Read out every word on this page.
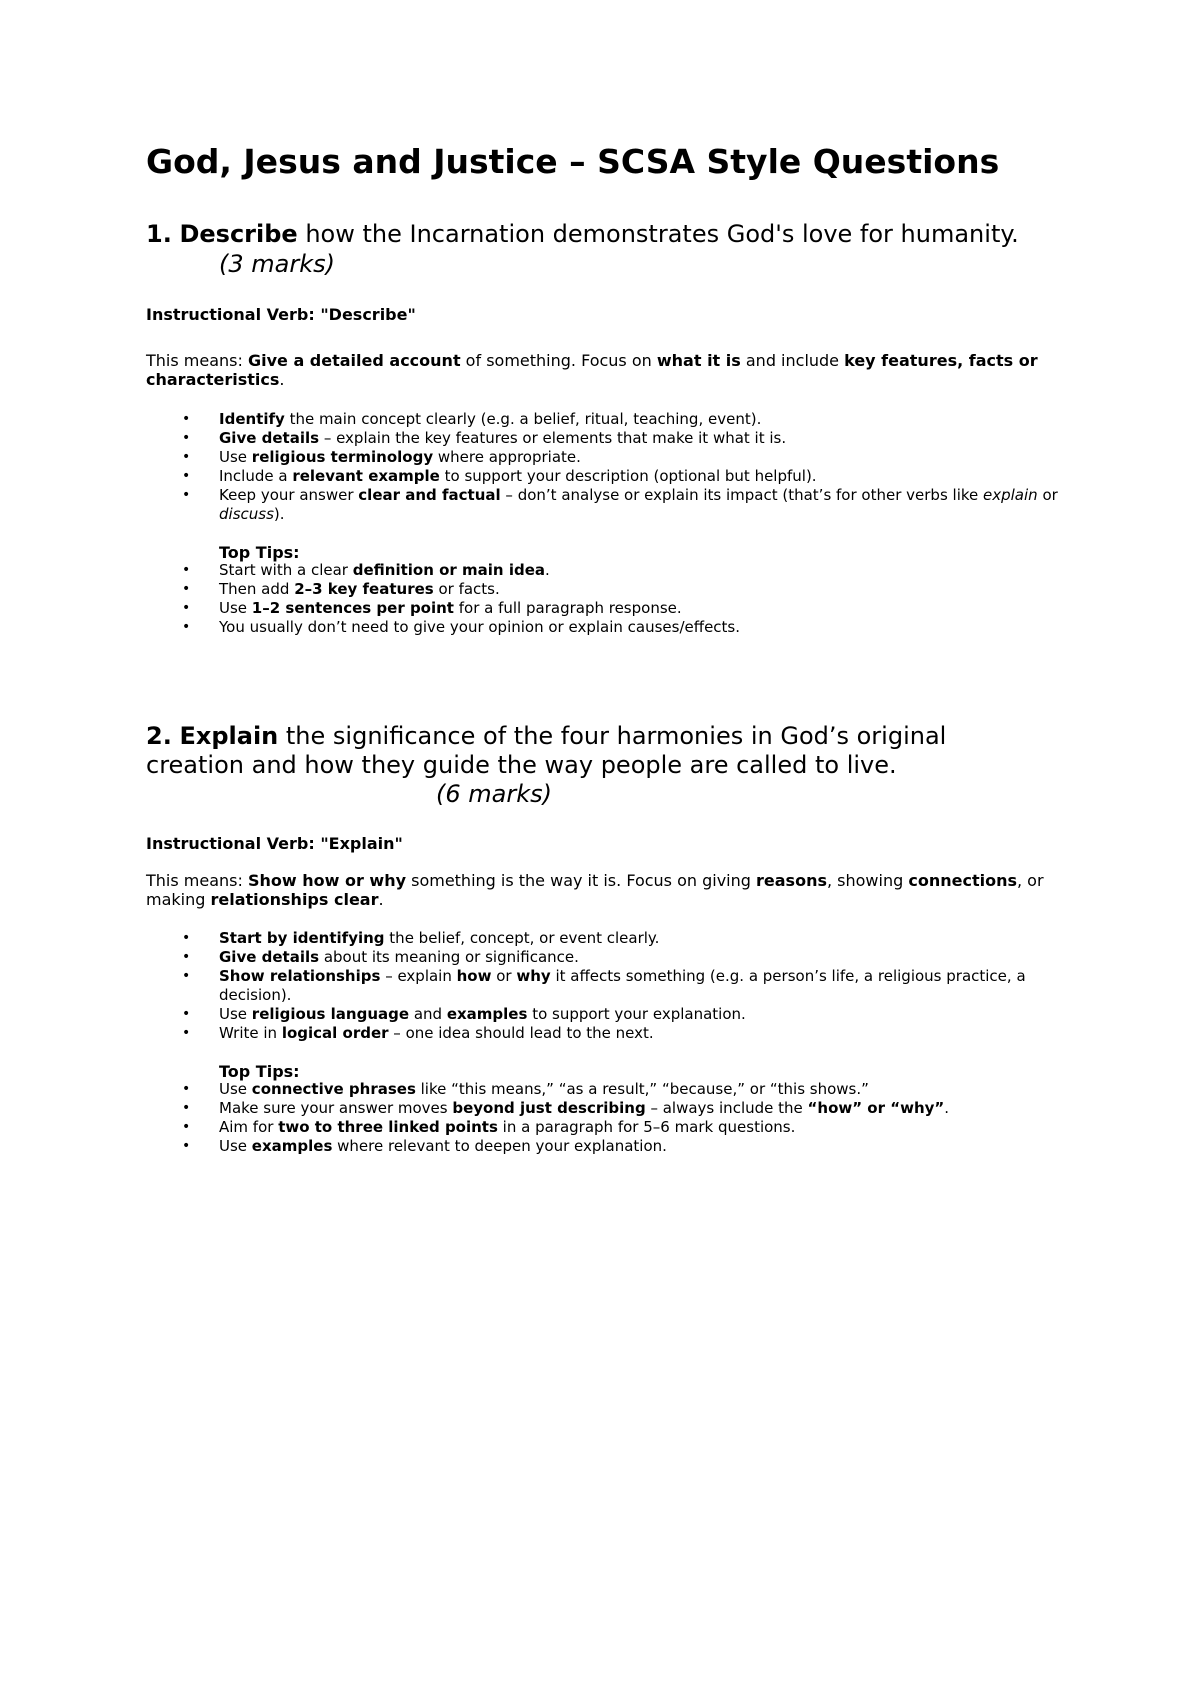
God, Jesus and Justice – SCSA Style Questions
1. Describe how the Incarnation demonstrates God's love for humanity.
(3 marks)

Instructional Verb: "Describe"

This means: Give a detailed account of something. Focus on what it is and include key features, facts or characteristics.

• Identify the main concept clearly (e.g. a belief, ritual, teaching, event).
• Give details – explain the key features or elements that make it what it is.
• Use religious terminology where appropriate.
• Include a relevant example to support your description (optional but helpful).
• Keep your answer clear and factual – don’t analyse or explain its impact (that’s for other verbs like explain or discuss).

Top Tips:

• Start with a clear definition or main idea.
• Then add 2–3 key features or facts.
• Use 1–2 sentences per point for a full paragraph response.
• You usually don’t need to give your opinion or explain causes/effects.
2. Explain the significance of the four harmonies in God’s original
creation and how they guide the way people are called to live.
(6 marks)

Instructional Verb: "Explain"

This means: Show how or why something is the way it is. Focus on giving reasons, showing connections, or making relationships clear.

• Start by identifying the belief, concept, or event clearly.
• Give details about its meaning or significance.
• Show relationships – explain how or why it affects something (e.g. a person’s life, a religious practice, a decision).
• Use religious language and examples to support your explanation.
• Write in logical order – one idea should lead to the next.

Top Tips:

• Use connective phrases like “this means,” “as a result,” “because,” or “this shows.”
• Make sure your answer moves beyond just describing – always include the “how” or “why”.
• Aim for two to three linked points in a paragraph for 5–6 mark questions.
• Use examples where relevant to deepen your explanation.
